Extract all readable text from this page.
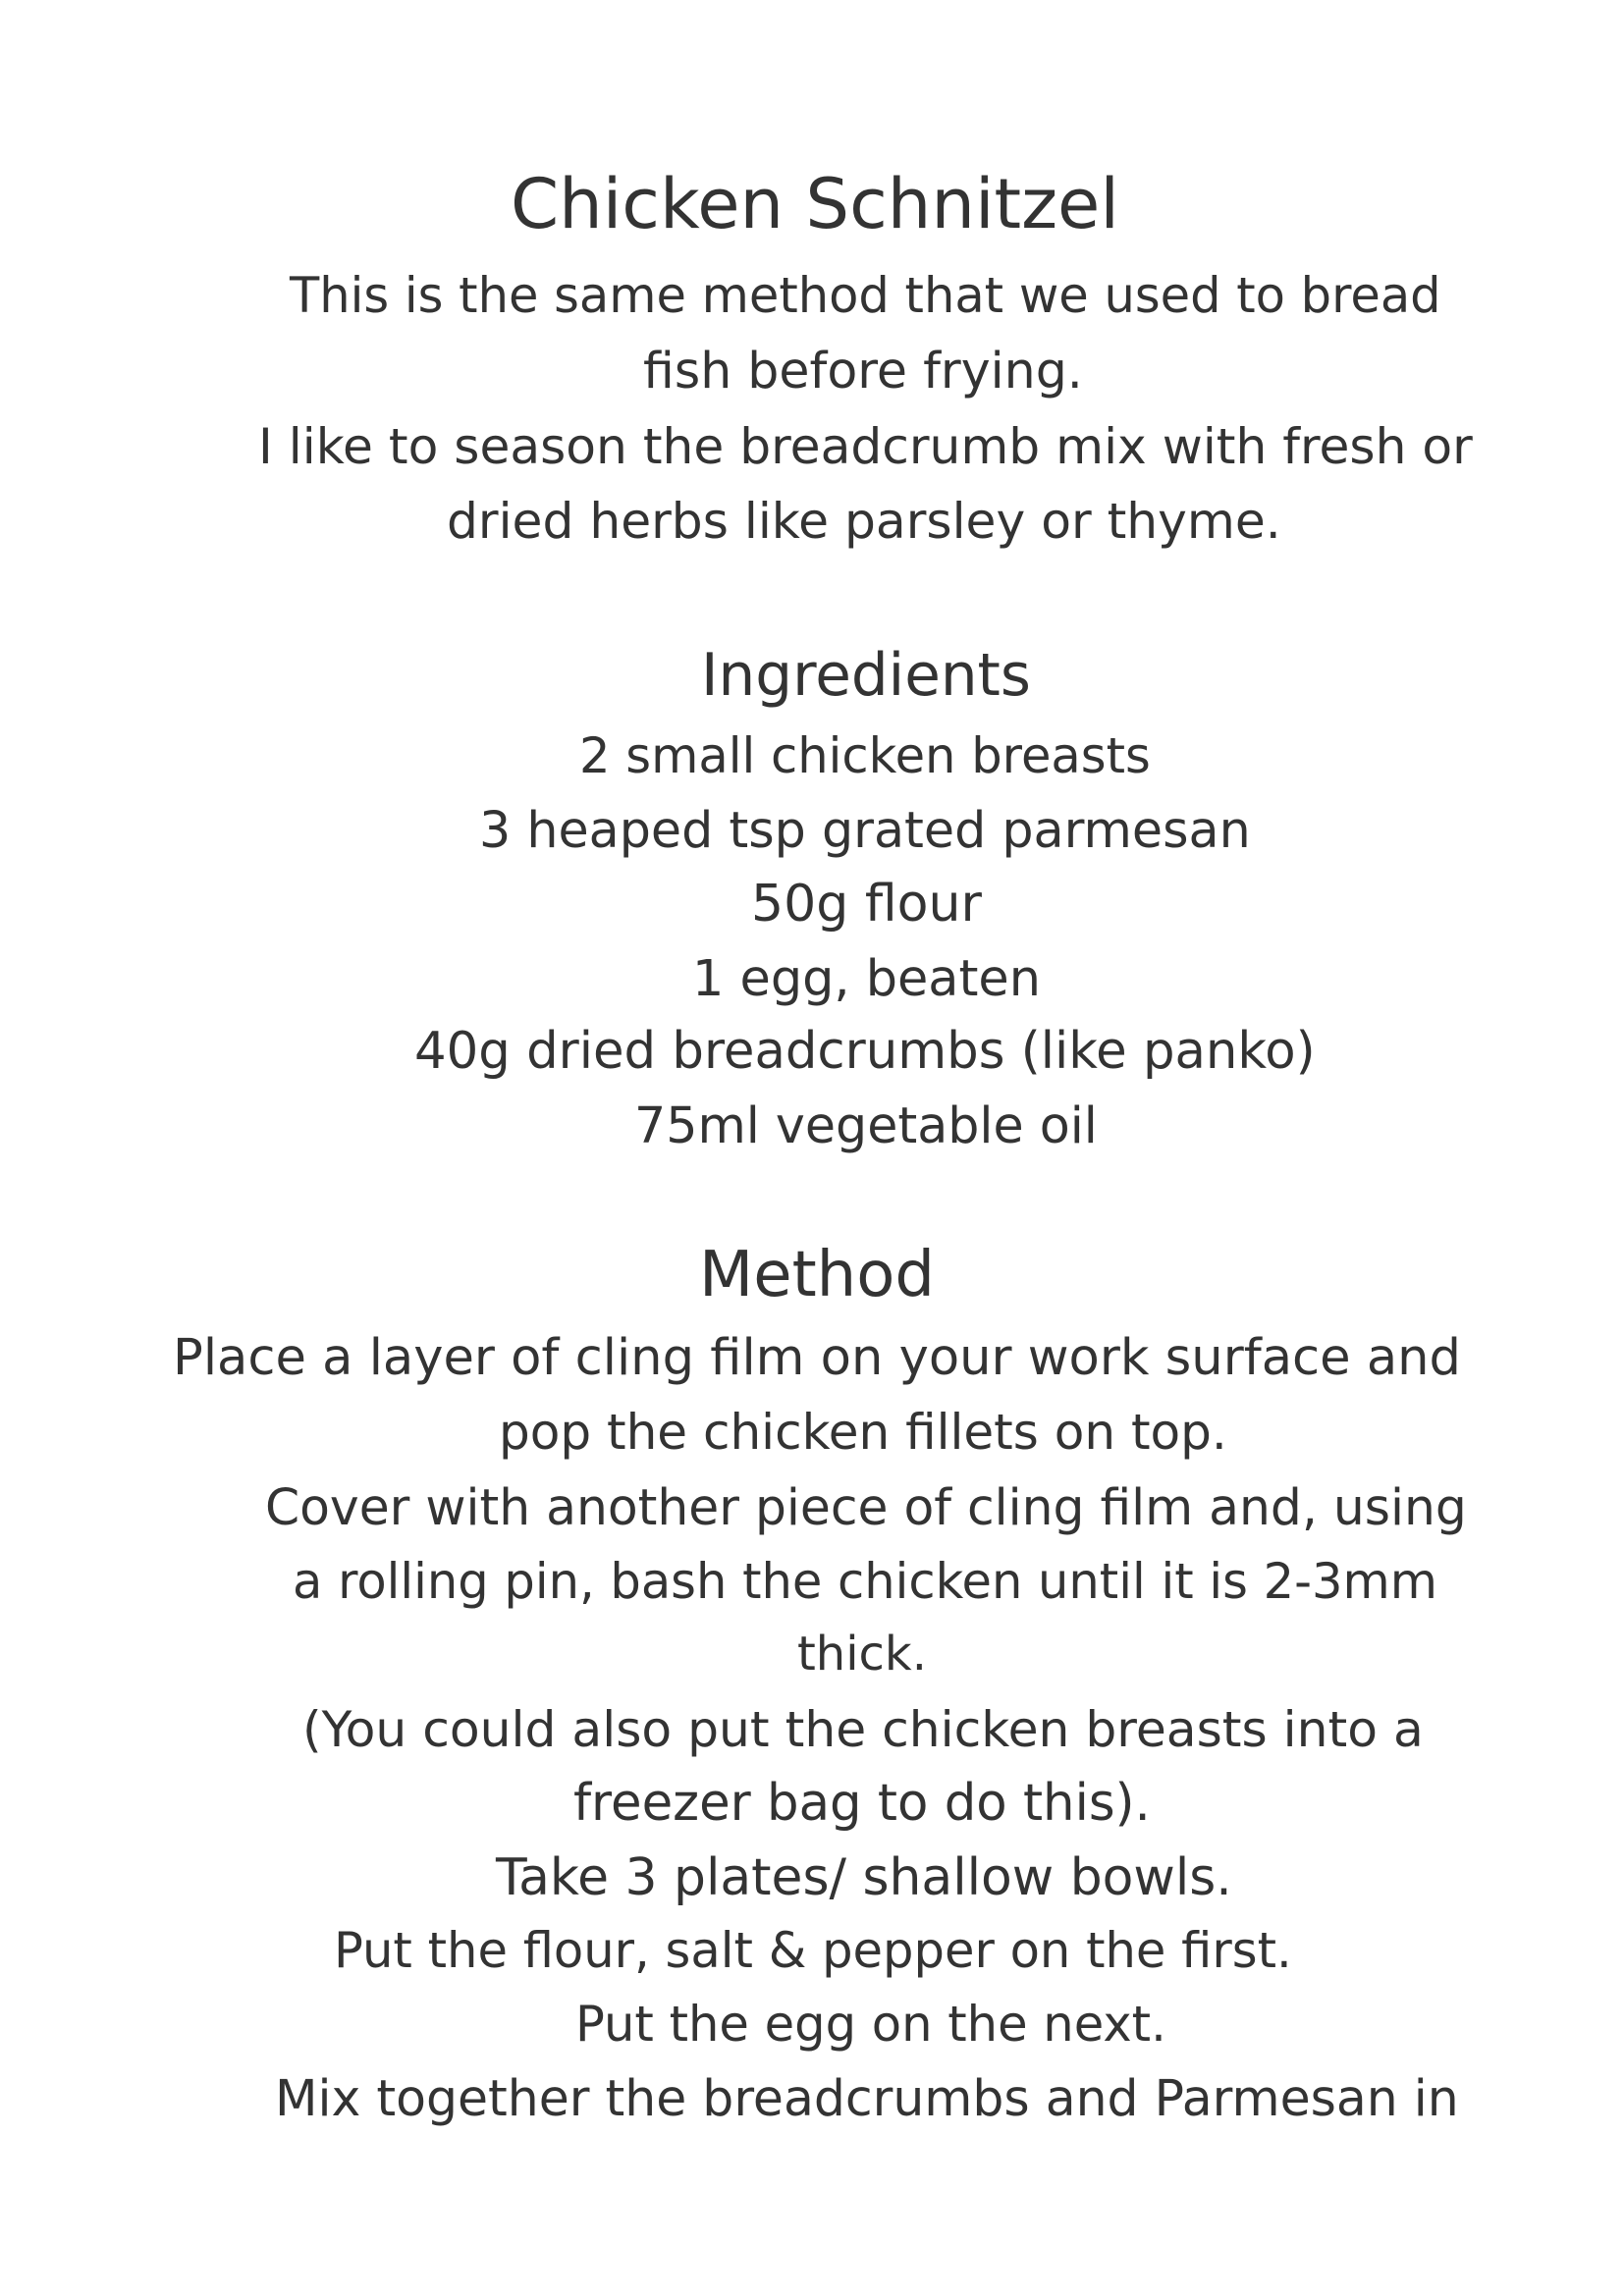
Chicken Schnitzel
This is the same method that we used to bread
fish before frying.
I like to season the breadcrumb mix with fresh or
dried herbs like parsley or thyme.
Ingredients
2 small chicken breasts
3 heaped tsp grated parmesan
50g flour
1 egg, beaten
40g dried breadcrumbs (like panko)
75ml vegetable oil
Method
Place a layer of cling film on your work surface and
pop the chicken fillets on top.
Cover with another piece of cling film and, using
a rolling pin, bash the chicken until it is 2-3mm
thick.
(You could also put the chicken breasts into a
freezer bag to do this).
Take 3 plates/ shallow bowls.
Put the flour, salt & pepper on the first.
Put the egg on the next.
Mix together the breadcrumbs and Parmesan in
